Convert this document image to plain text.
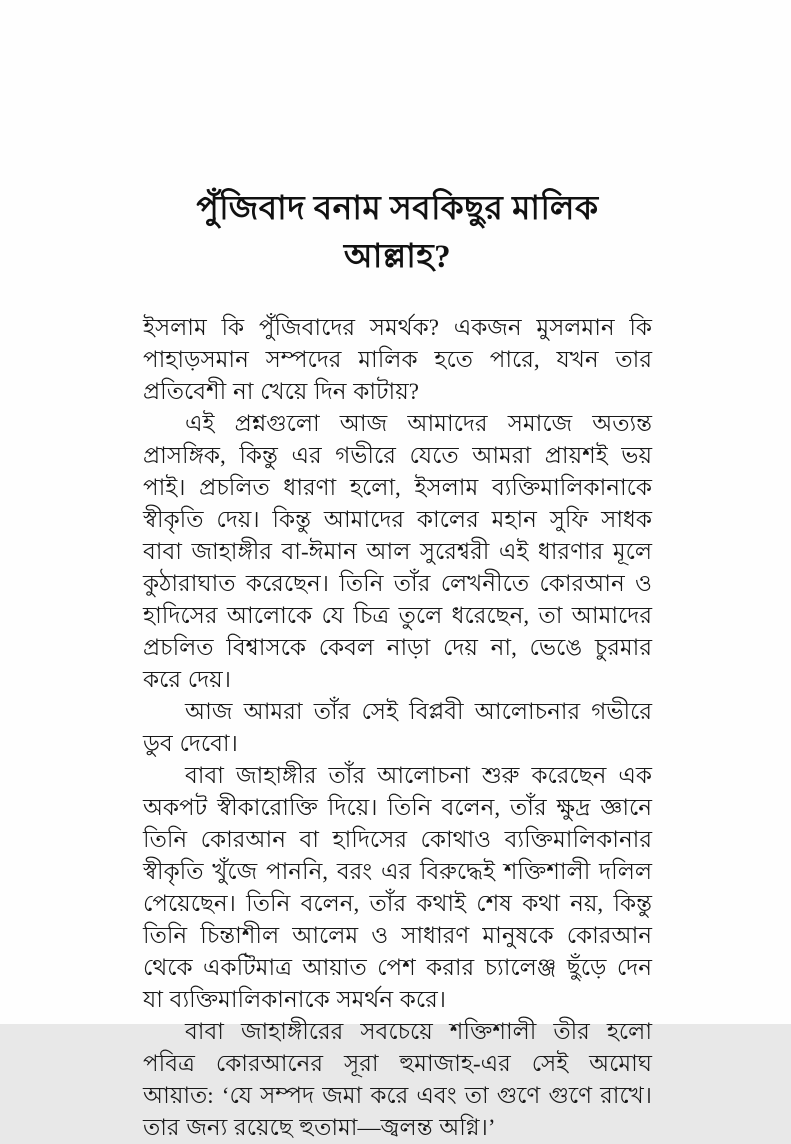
পুঁজিবাদ বনাম সবকিছুর মালিক আল্লাহ?

ইসলাম কি পুঁজিবাদের সমর্থক? একজন মুসলমান কি পাহাড়সমান সম্পদের মালিক হতে পারে, যখন তার প্রতিবেশী না খেয়ে দিন কাটায়?

এই প্রশ্নগুলো আজ আমাদের সমাজে অত্যন্ত প্রাসঙ্গিক, কিন্তু এর গভীরে যেতে আমরা প্রায়শই ভয় পাই। প্রচলিত ধারণা হলো, ইসলাম ব্যক্তিমালিকানাকে স্বীকৃতি দেয়। কিন্তু আমাদের কালের মহান সুফি সাধক বাবা জাহাঙ্গীর বা-ঈমান আল সুরেশ্বরী এই ধারণার মূলে কুঠারাঘাত করেছেন। তিনি তাঁর লেখনীতে কোরআন ও হাদিসের আলোকে যে চিত্র তুলে ধরেছেন, তা আমাদের প্রচলিত বিশ্বাসকে কেবল নাড়া দেয় না, ভেঙে চুরমার করে দেয়।

আজ আমরা তাঁর সেই বিপ্লবী আলোচনার গভীরে ডুব দেবো।

বাবা জাহাঙ্গীর তাঁর আলোচনা শুরু করেছেন এক অকপট স্বীকারোক্তি দিয়ে। তিনি বলেন, তাঁর ক্ষুদ্র জ্ঞানে তিনি কোরআন বা হাদিসের কোথাও ব্যক্তিমালিকানার স্বীকৃতি খুঁজে পাননি, বরং এর বিরুদ্ধেই শক্তিশালী দলিল পেয়েছেন। তিনি বলেন, তাঁর কথাই শেষ কথা নয়, কিন্তু তিনি চিন্তাশীল আলেম ও সাধারণ মানুষকে কোরআন থেকে একটিমাত্র আয়াত পেশ করার চ্যালেঞ্জ ছুঁড়ে দেন যা ব্যক্তিমালিকানাকে সমর্থন করে।

বাবা জাহাঙ্গীরের সবচেয়ে শক্তিশালী তীর হলো পবিত্র কোরআনের সূরা হুমাজাহ-এর সেই অমোঘ আয়াত: ‘যে সম্পদ জমা করে এবং তা গুণে গুণে রাখে। তার জন্য রয়েছে হুতামা—জ্বলন্ত অগ্নি।’
